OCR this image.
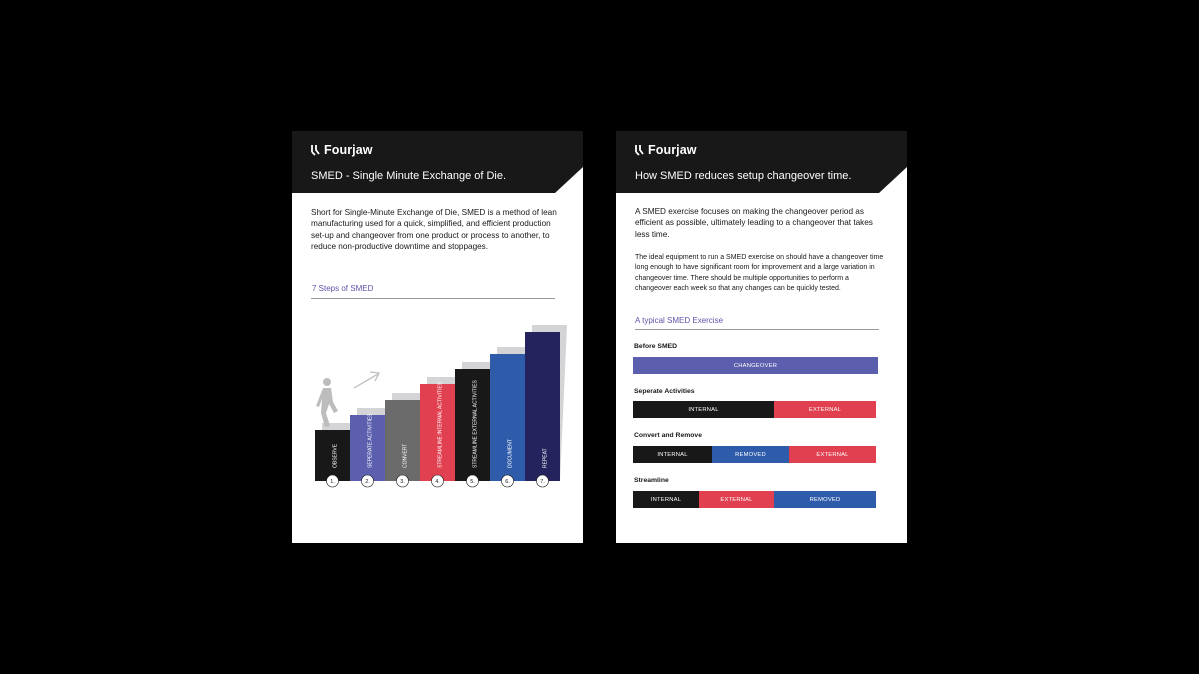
Fourjaw
SMED - Single Minute Exchange of Die.
Short for Single-Minute Exchange of Die, SMED is a method of lean manufacturing used for a quick, simplified, and efficient production set-up and changeover from one product or process to another, to reduce non-productive downtime and stoppages.
7 Steps of SMED
OBSERVE
1.
SEPERATE ACTIVITIES
2.
CONVERT
3.
STREAMLINE INTERNAL ACTIVITIES
4.
STREAMLINE EXTERNAL ACTIVITIES
5.
DOCUMENT
6.
REPEAT
7.
Fourjaw
How SMED reduces setup changeover time.
A SMED exercise focuses on making the changeover period as efficient as possible, ultimately leading to a changeover that takes less time.
The ideal equipment to run a SMED exercise on should have a changeover time long enough to have significant room for improvement and a large variation in changeover time. There should be multiple opportunities to perform a changeover each week so that any changes can be quickly tested.
A typical SMED Exercise
Before SMED
CHANGEOVER
Seperate Activities
INTERNAL	EXTERNAL
Convert and Remove
INTERNAL	REMOVED	EXTERNAL
Streamline
INTERNAL	EXTERNAL	REMOVED
